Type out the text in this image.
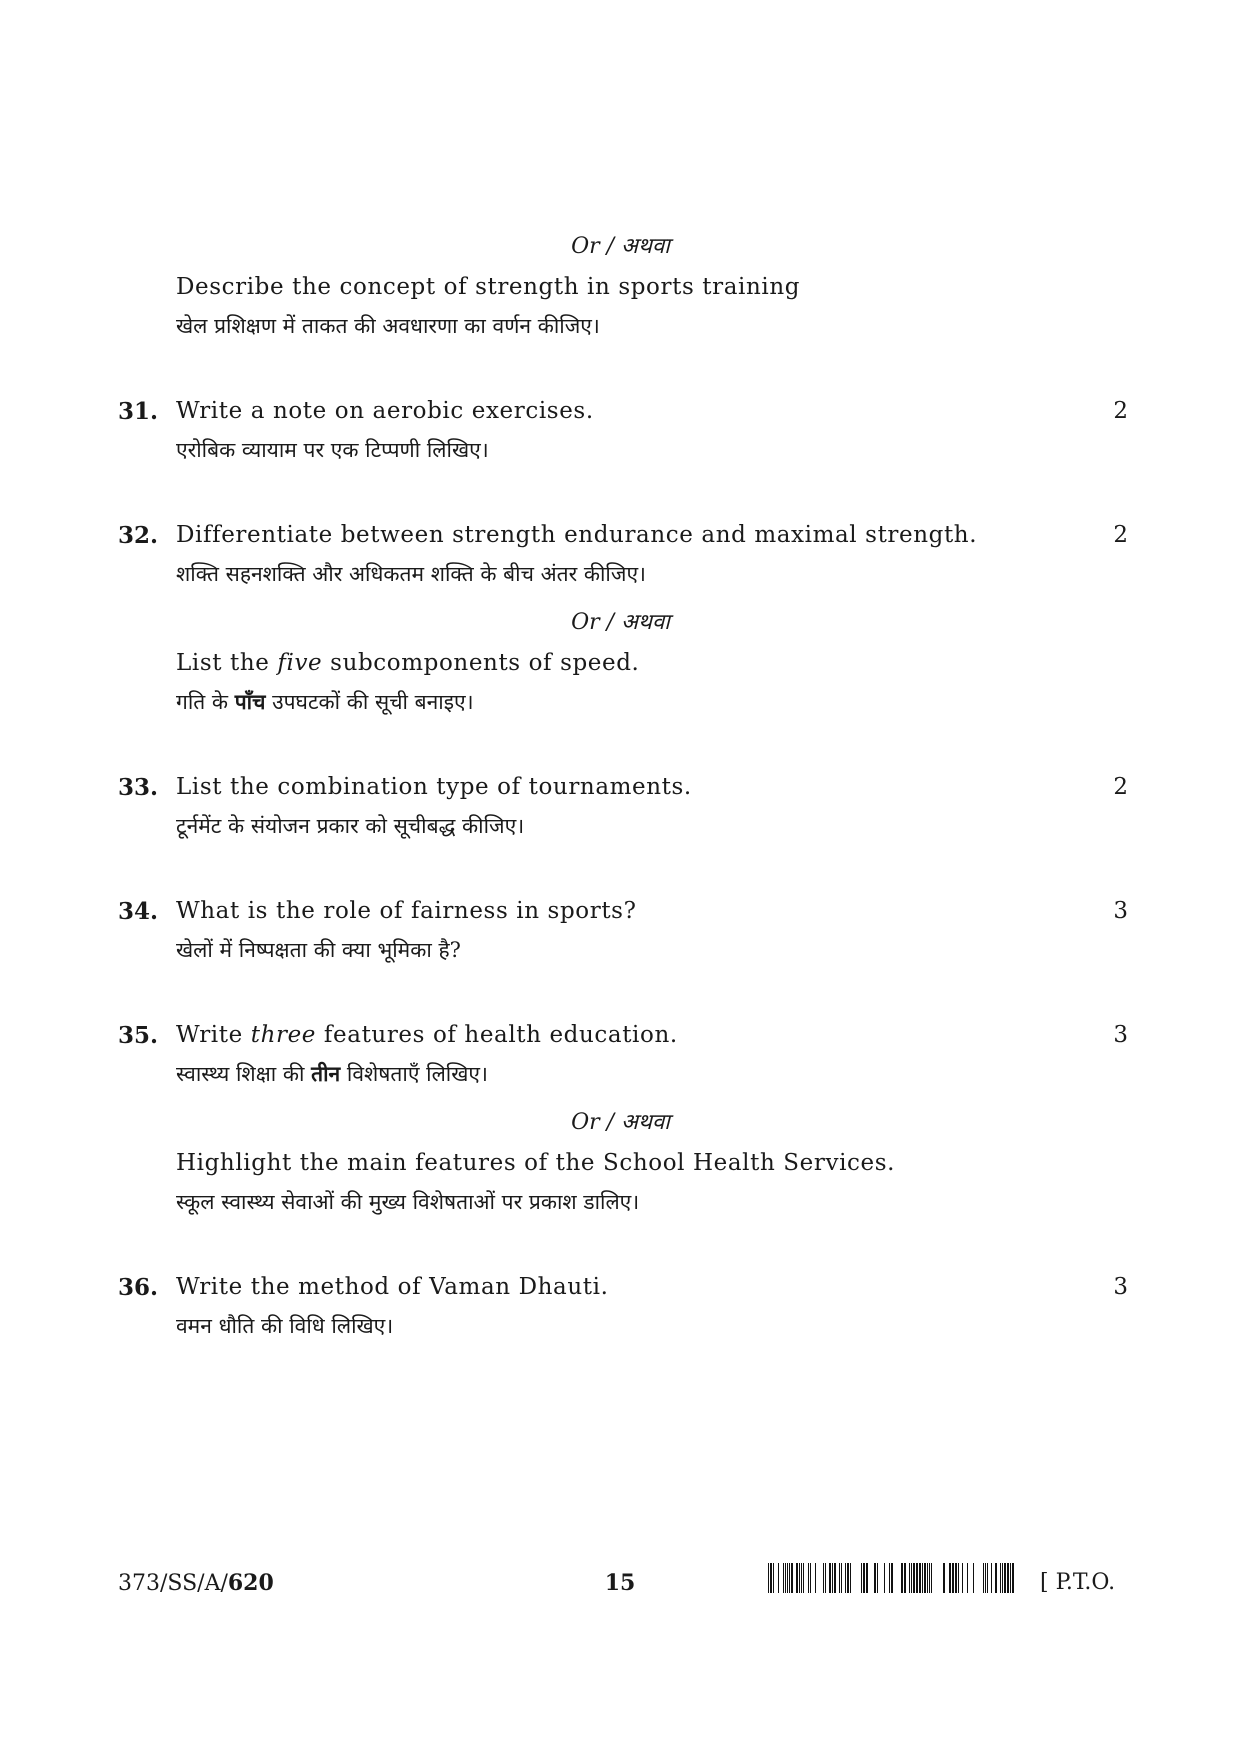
Or / अथवा
Describe the concept of strength in sports training
खेल प्रशिक्षण में ताकत की अवधारणा का वर्णन कीजिए।
31. Write a note on aerobic exercises.	2
एरोबिक व्यायाम पर एक टिप्पणी लिखिए।
32. Differentiate between strength endurance and maximal strength.	2
शक्ति सहनशक्ति और अधिकतम शक्ति के बीच अंतर कीजिए।
Or / अथवा
List the five subcomponents of speed.
गति के पाँच उपघटकों की सूची बनाइए।
33. List the combination type of tournaments.	2
टूर्नमेंट के संयोजन प्रकार को सूचीबद्ध कीजिए।
34. What is the role of fairness in sports?	3
खेलों में निष्पक्षता की क्या भूमिका है?
35. Write three features of health education.	3
स्वास्थ्य शिक्षा की तीन विशेषताएँ लिखिए।
Or / अथवा
Highlight the main features of the School Health Services.
स्कूल स्वास्थ्य सेवाओं की मुख्य विशेषताओं पर प्रकाश डालिए।
36. Write the method of Vaman Dhauti.	3
वमन धौति की विधि लिखिए।
373/SS/A/620	15	[ P.T.O.
